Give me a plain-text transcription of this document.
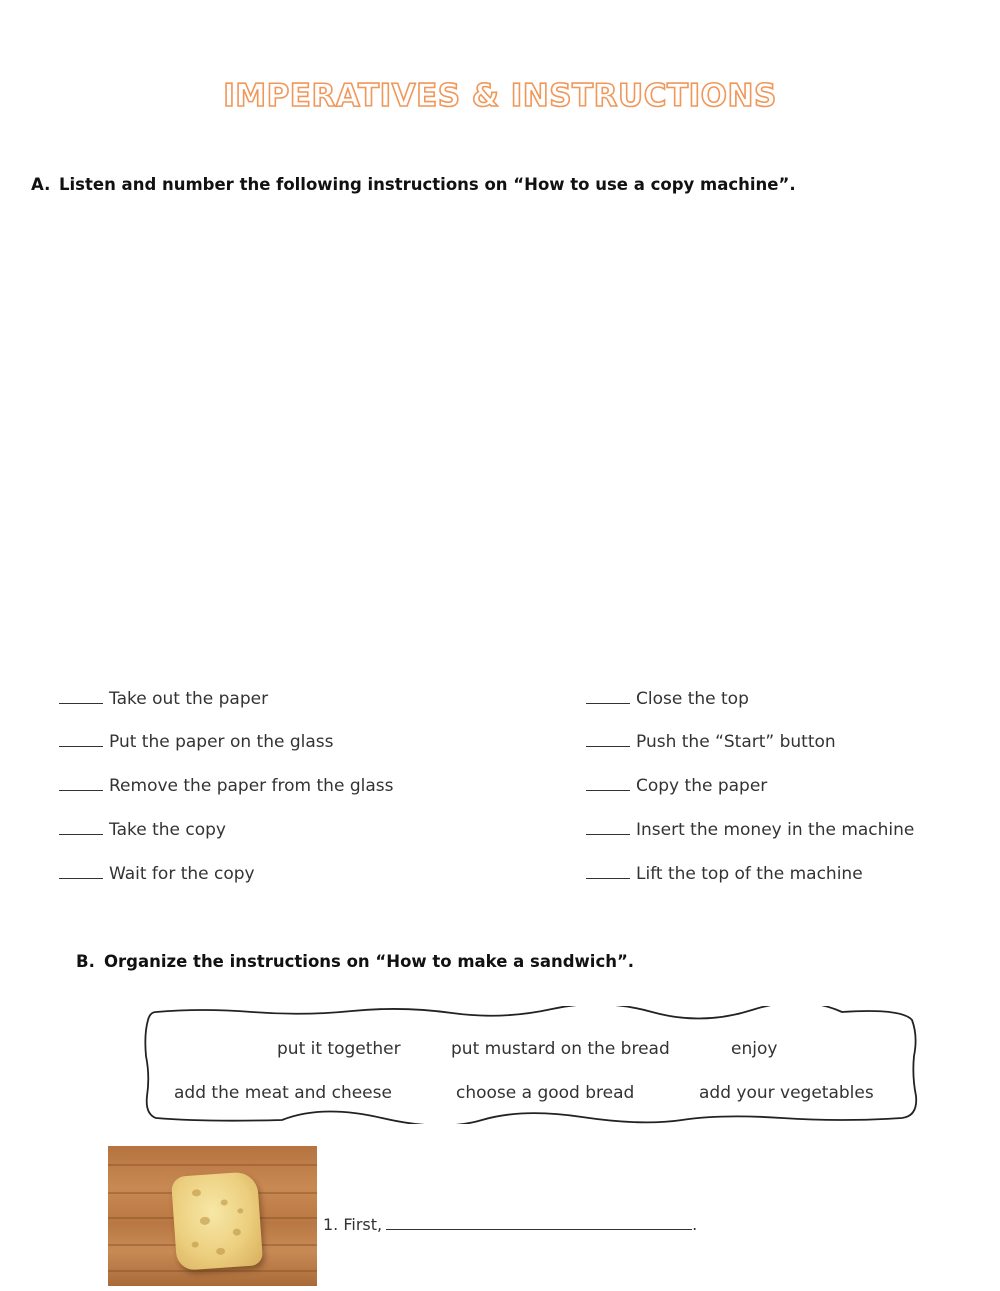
IMPERATIVES & INSTRUCTIONS
A. Listen and number the following instructions on “How to use a copy machine”.
Take out the paper
Put the paper on the glass
Remove the paper from the glass
Take the copy
Wait for the copy
Close the top
Push the “Start” button
Copy the paper
Insert the money in the machine
Lift the top of the machine
B. Organize the instructions on “How to make a sandwich”.
put it together	put mustard on the bread	enjoy
add the meat and cheese	choose a good bread	add your vegetables
1. First,	.
